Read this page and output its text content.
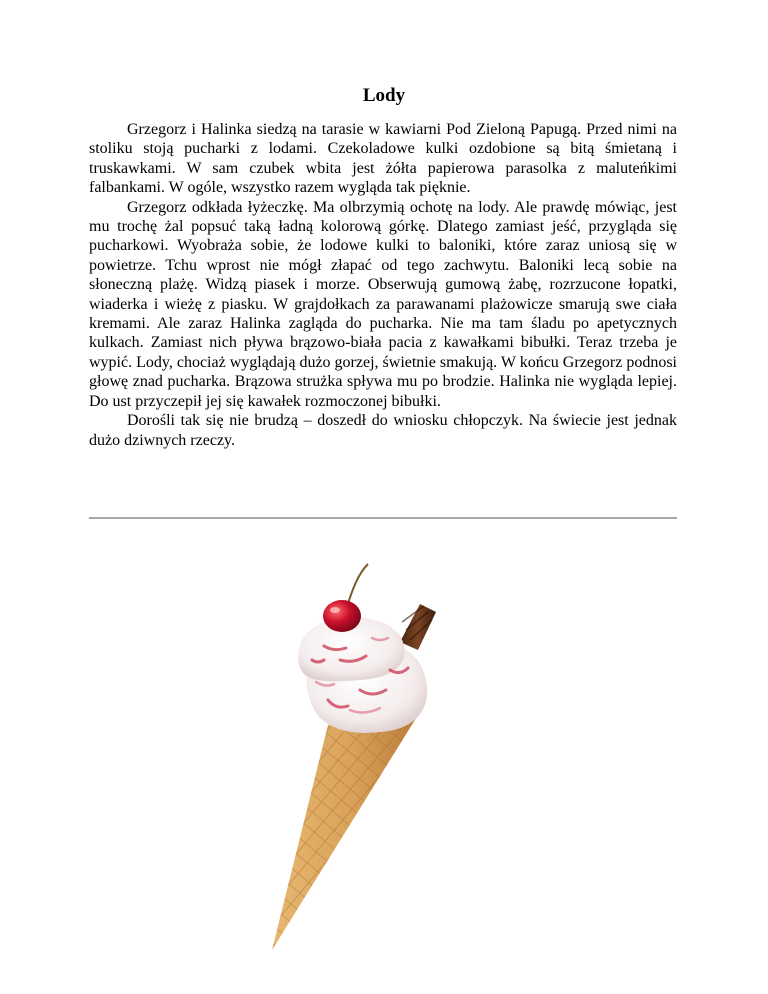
Lody

Grzegorz i Halinka siedzą na tarasie w kawiarni Pod Zieloną Papugą. Przed nimi na stoliku stoją pucharki z lodami. Czekoladowe kulki ozdobione są bitą śmietaną i truskawkami. W sam czubek wbita jest żółta papierowa parasolka z maluteńkimi falbankami. W ogóle, wszystko razem wygląda tak pięknie.

Grzegorz odkłada łyżeczkę. Ma olbrzymią ochotę na lody. Ale prawdę mówiąc, jest mu trochę żal popsuć taką ładną kolorową górkę. Dlatego zamiast jeść, przygląda się pucharkowi. Wyobraża sobie, że lodowe kulki to baloniki, które zaraz uniosą się w powietrze. Tchu wprost nie mógł złapać od tego zachwytu. Baloniki lecą sobie na słoneczną plażę. Widzą piasek i morze. Obserwują gumową żabę, rozrzucone łopatki, wiaderka i wieżę z piasku. W grajdołkach za parawanami plażowicze smarują swe ciała kremami. Ale zaraz Halinka zagląda do pucharka. Nie ma tam śladu po apetycznych kulkach. Zamiast nich pływa brązowo-biała pacia z kawałkami bibułki. Teraz trzeba je wypić. Lody, chociaż wyglądają dużo gorzej, świetnie smakują. W końcu Grzegorz podnosi głowę znad pucharka. Brązowa strużka spływa mu po brodzie. Halinka nie wygląda lepiej. Do ust przyczepił jej się kawałek rozmoczonej bibułki.

Dorośli tak się nie brudzą – doszedł do wniosku chłopczyk. Na świecie jest jednak dużo dziwnych rzeczy.
